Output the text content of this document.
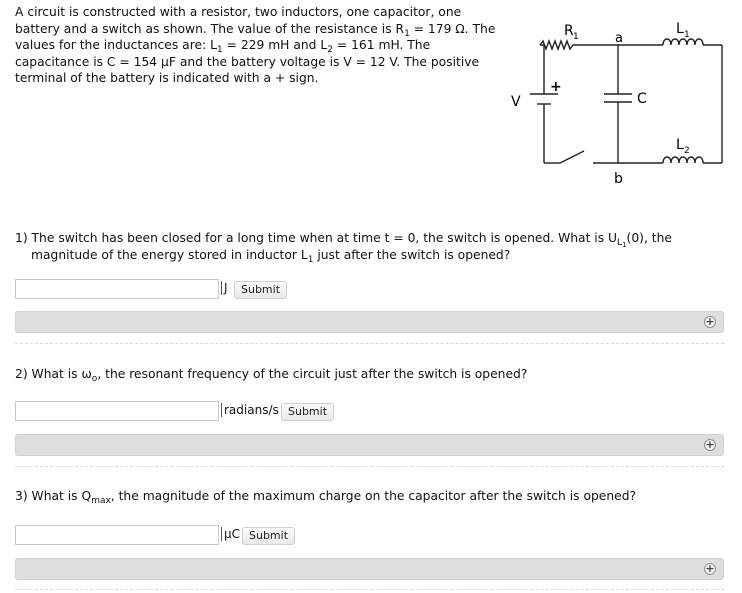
A circuit is constructed with a resistor, two inductors, one capacitor, one battery and a switch as shown. The value of the resistance is $R_1 = 179$ Ω. The values for the inductances are: $L_1 = 229$ mH and $L_2 = 161$ mH. The capacitance is C = 154 μF and the battery voltage is V = 12 V. The positive terminal of the battery is indicated with a + sign.
R 1	a
L 1
L 2
C
V
+
b
1) The switch has been closed for a long time when at time t = 0, the switch is opened. What is $U_{L_1}(0)$, the magnitude of the energy stored in inductor $L_1$ just after the switch is opened?
J	Submit
+
2) What is $\omega_o$, the resonant frequency of the circuit just after the switch is opened?
radians/s Submit
+
3) What is $Q_{max}$, the magnitude of the maximum charge on the capacitor after the switch is opened?
μC Submit
+
